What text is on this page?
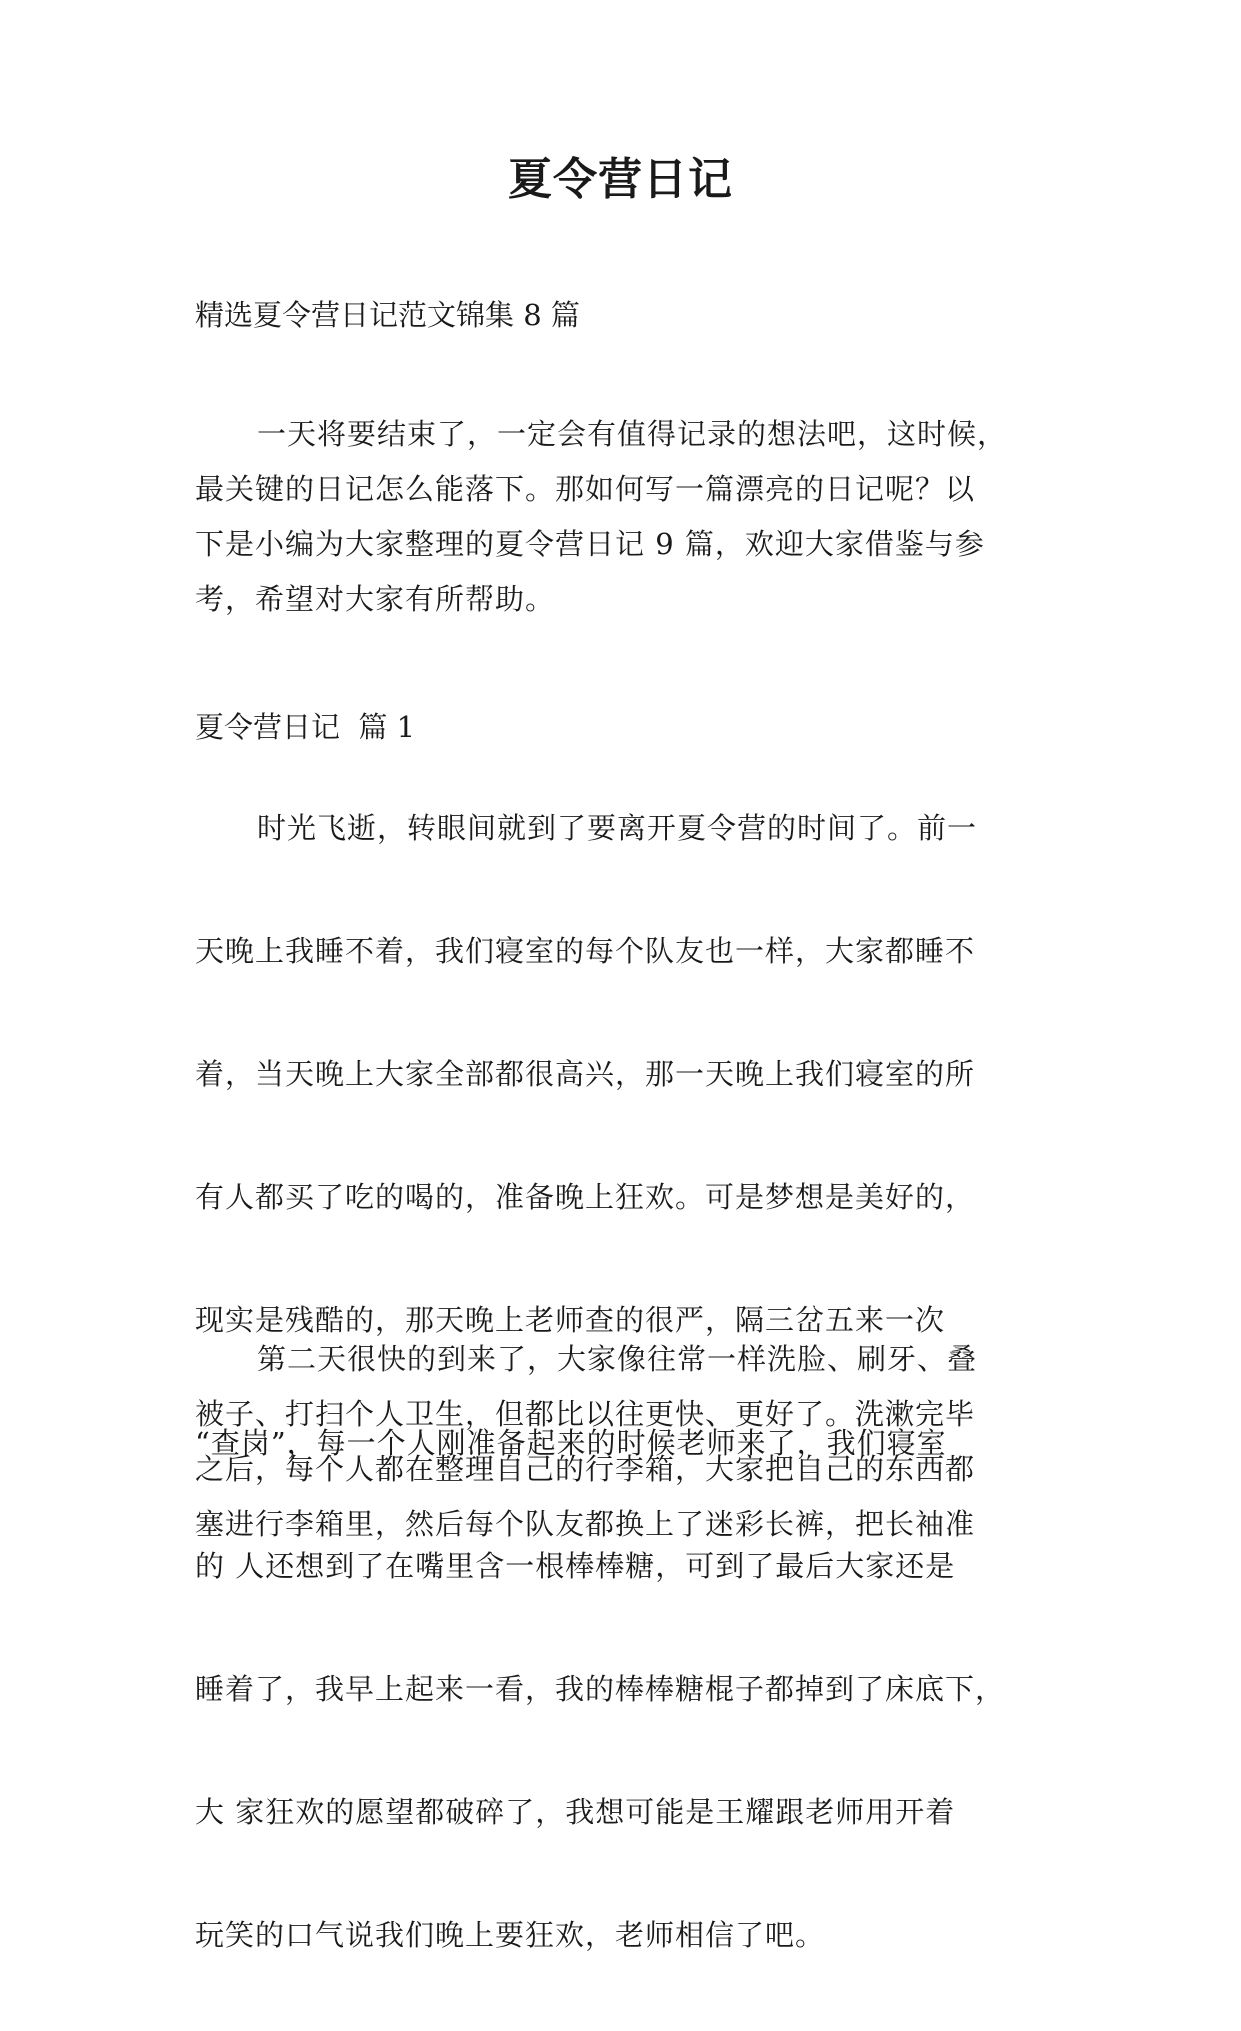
夏令营日记
精选夏令营日记范文锦集 8 篇
一天将要结束了，一定会有值得记录的想法吧，这时候，
最关键的日记怎么能落下。那如何写一篇漂亮的日记呢？以
下是小编为大家整理的夏令营日记 9 篇，欢迎大家借鉴与参
考，希望对大家有所帮助。
夏令营日记  篇 1

时光飞逝，转眼间就到了要离开夏令营的时间了。前一

天晚上我睡不着，我们寝室的每个队友也一样，大家都睡不

着，当天晚上大家全部都很高兴，那一天晚上我们寝室的所

有人都买了吃的喝的，准备晚上狂欢。可是梦想是美好的，

现实是残酷的，那天晚上老师查的很严，隔三岔五来一次

“查岗”，每一个人刚准备起来的时候老师来了，我们寝室

的 人还想到了在嘴里含一根棒棒糖，可到了最后大家还是

睡着了，我早上起来一看，我的棒棒糖棍子都掉到了床底下，

大 家狂欢的愿望都破碎了，我想可能是王耀跟老师用开着

玩笑的口气说我们晚上要狂欢，老师相信了吧。

第二天很快的到来了，大家像往常一样洗脸、刷牙、叠
被子、打扫个人卫生，但都比以往更快、更好了。洗漱完毕
之后，每个人都在整理自己的行李箱，大家把自己的东西都
塞进行李箱里，然后每个队友都换上了迷彩长裤，把长袖准
